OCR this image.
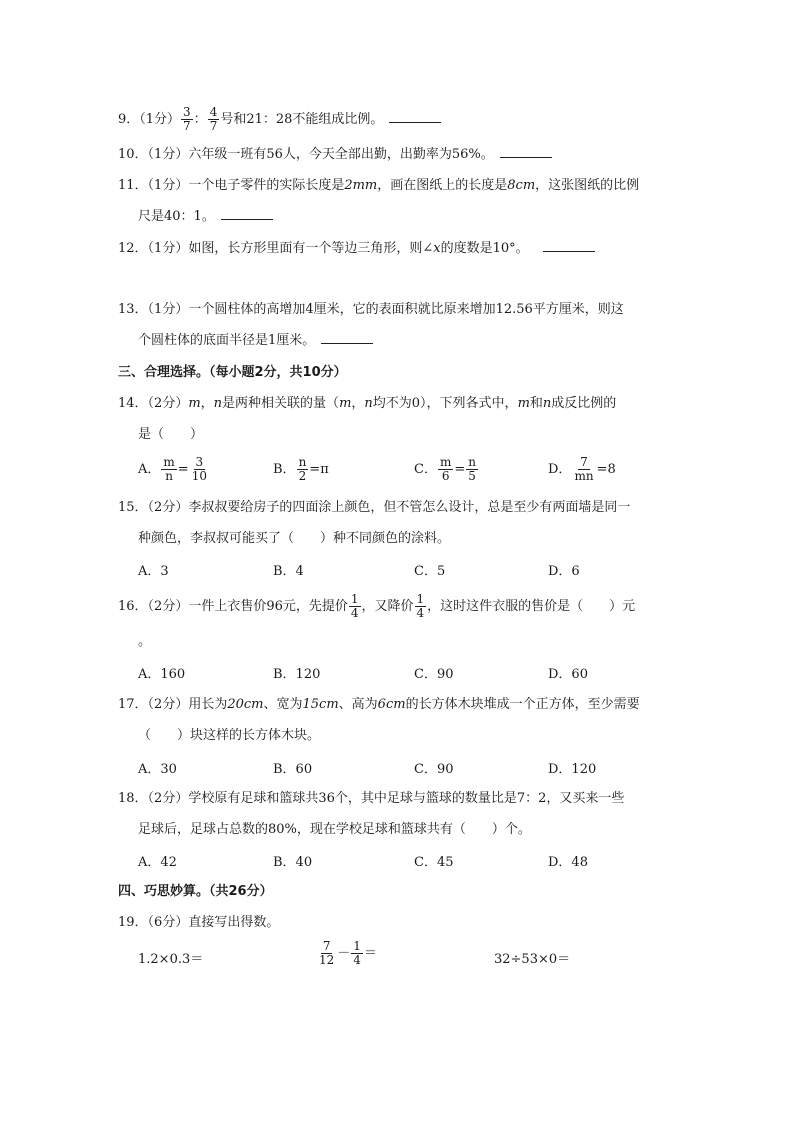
9．（1分） $\frac{3}{7}$ ： $\frac{4}{7}$ 号和21：28不能组成比例。
10．（1分）六年级一班有56人，今天全部出勤，出勤率为56%。
11．（1分）一个电子零件的实际长度是2mm，画在图纸上的长度是8cm，这张图纸的比例
尺是40：1。
12．（1分）如图，长方形里面有一个等边三角形，则∠x的度数是10°。
13．（1分）一个圆柱体的高增加4厘米，它的表面积就比原来增加12.56平方厘米，则这
个圆柱体的底面半径是1厘米。
三、合理选择。（每小题2分，共10分）
14．（2分）m，n是两种相关联的量（m，n均不为0），下列各式中，m和n成反比例的
是（　　）
A． $\frac{m}{n} = \frac{3}{10}$	B． $\frac{n}{2} =\pi$	C． $\frac{m}{6} = \frac{n}{5}$	D． $\frac{7}{mn} =8$
15．（2分）李叔叔要给房子的四面涂上颜色，但不管怎么设计，总是至少有两面墙是同一
种颜色，李叔叔可能买了（　　）种不同颜色的涂料。
A．3	B．4	C．5	D．6
16．（2分）一件上衣售价96元，先提价 $\frac{1}{4}$ ，又降价 $\frac{1}{4}$ ，这时这件衣服的售价是（　　）元
。
A．160	B．120	C．90	D．60
17．（2分）用长为20cm、宽为15cm、高为6cm的长方体木块堆成一个正方体，至少需要
（　　）块这样的长方体木块。
A．30	B．60	C．90	D．120
18．（2分）学校原有足球和篮球共36个，其中足球与篮球的数量比是7：2，又买来一些
足球后，足球占总数的80%，现在学校足球和篮球共有（　　）个。
A．42	B．40	C．45	D．48
四、巧思妙算。（共26分）
19．（6分）直接写出得数。
1.2×0.3＝	$\frac{7}{12} - \frac{1}{4}$ ＝	32÷53×0＝
